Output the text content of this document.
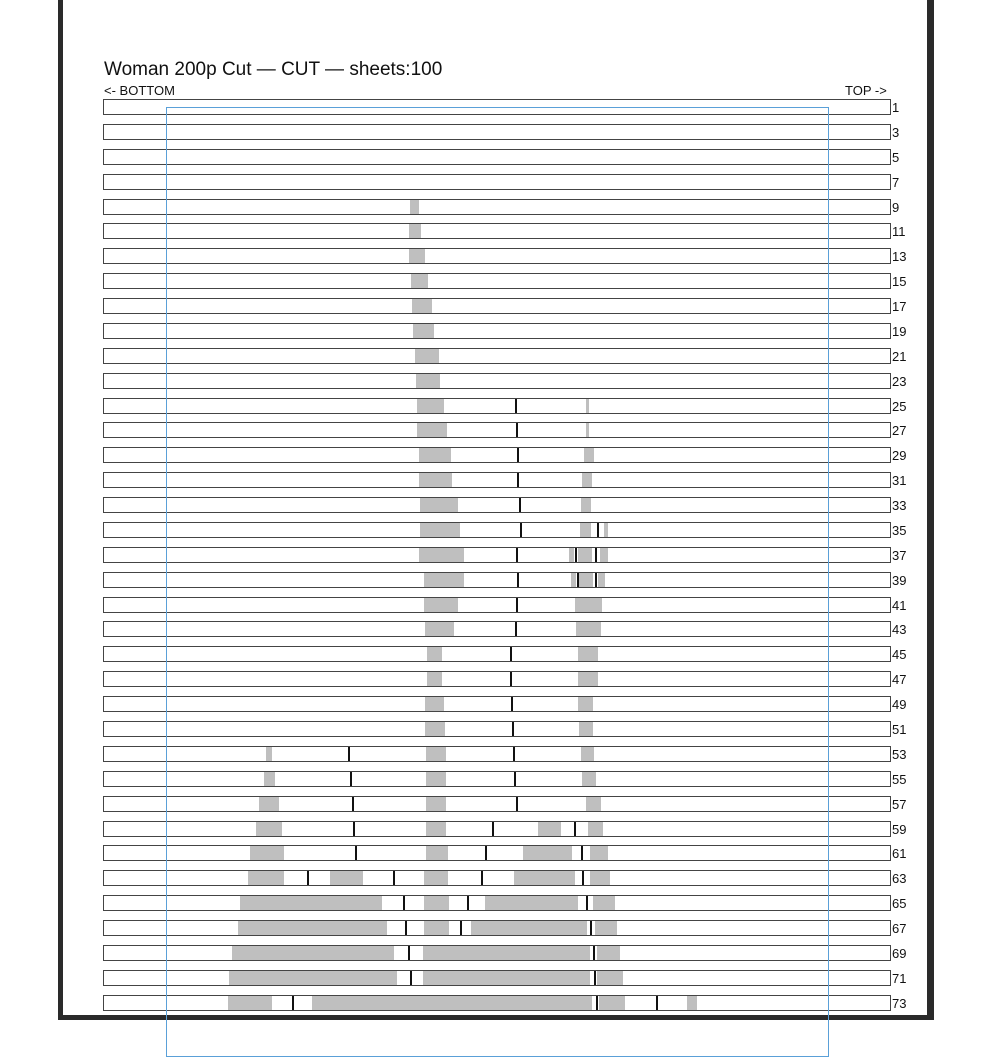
Woman 200p Cut — CUT — sheets:100
<- BOTTOM	TOP ->
1
3
5
7
9
11
13
15
17
19
21
23
25
27
29
31
33
35
37
39
41
43
45
47
49
51
53
55
57
59
61
63
65
67
69
71
73
